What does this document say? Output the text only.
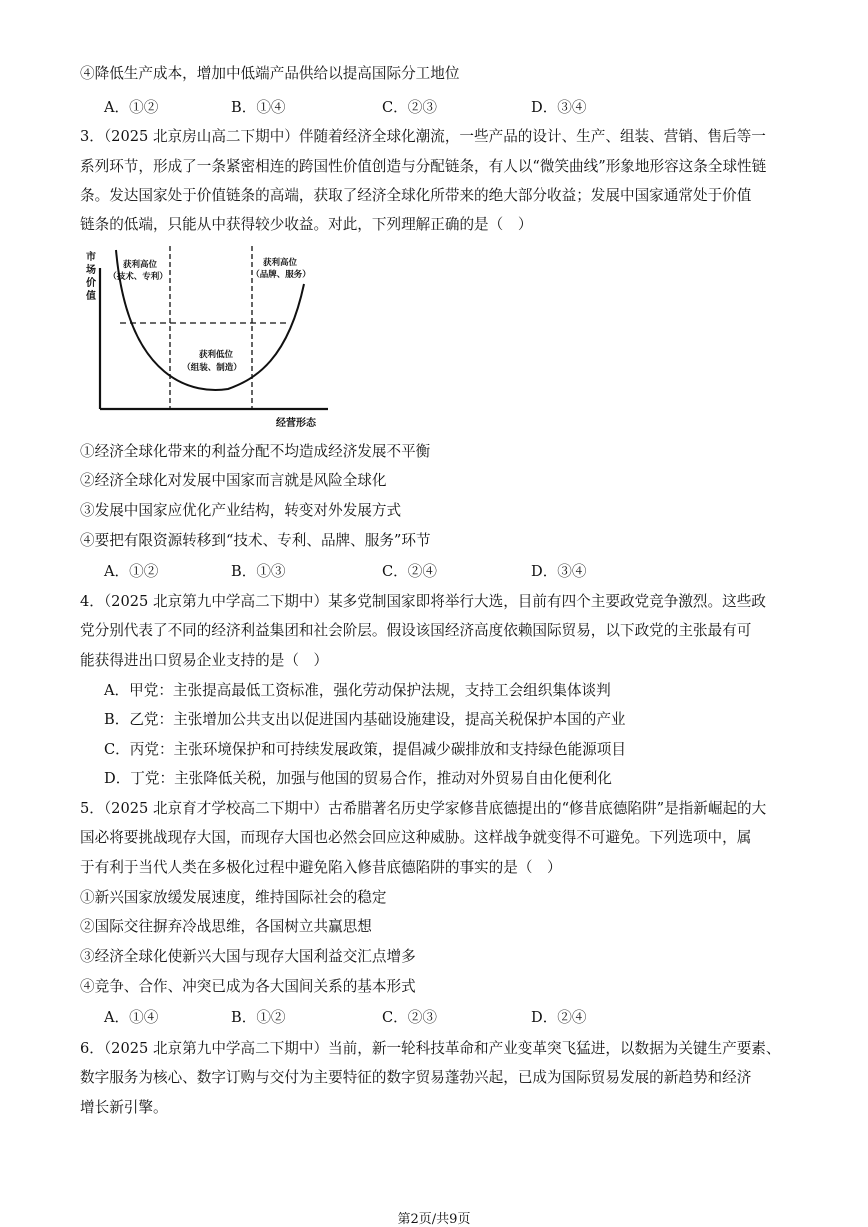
④降低生产成本，增加中低端产品供给以提高国际分工地位
A．①②	B．①④	C．②③	D．③④
3．（2025 北京房山高二下期中）伴随着经济全球化潮流，一些产品的设计、生产、组装、营销、售后等一
系列环节，形成了一条紧密相连的跨国性价值创造与分配链条，有人以“微笑曲线”形象地形容这条全球性链
条。发达国家处于价值链条的高端，获取了经济全球化所带来的绝大部分收益；发展中国家通常处于价值
链条的低端，只能从中获得较少收益。对此，下列理解正确的是（　）
市
场
价
值
获利高位
（技术、专利）
获利高位
（品牌、服务）
获利低位
（组装、制造）
经营形态
①经济全球化带来的利益分配不均造成经济发展不平衡
②经济全球化对发展中国家而言就是风险全球化
③发展中国家应优化产业结构，转变对外发展方式
④要把有限资源转移到“技术、专利、品牌、服务”环节
A．①②	B．①③	C．②④	D．③④
4．（2025 北京第九中学高二下期中）某多党制国家即将举行大选，目前有四个主要政党竞争激烈。这些政
党分别代表了不同的经济利益集团和社会阶层。假设该国经济高度依赖国际贸易，以下政党的主张最有可
能获得进出口贸易企业支持的是（　）
A．甲党：主张提高最低工资标准，强化劳动保护法规，支持工会组织集体谈判
B．乙党：主张增加公共支出以促进国内基础设施建设，提高关税保护本国的产业
C．丙党：主张环境保护和可持续发展政策，提倡减少碳排放和支持绿色能源项目
D．丁党：主张降低关税，加强与他国的贸易合作，推动对外贸易自由化便利化
5．（2025 北京育才学校高二下期中）古希腊著名历史学家修昔底德提出的“修昔底德陷阱”是指新崛起的大
国必将要挑战现存大国，而现存大国也必然会回应这种威胁。这样战争就变得不可避免。下列选项中，属
于有利于当代人类在多极化过程中避免陷入修昔底德陷阱的事实的是（　）
①新兴国家放缓发展速度，维持国际社会的稳定
②国际交往摒弃冷战思维，各国树立共赢思想
③经济全球化使新兴大国与现存大国利益交汇点增多
④竞争、合作、冲突已成为各大国间关系的基本形式
A．①④	B．①②	C．②③	D．②④
6．（2025 北京第九中学高二下期中）当前，新一轮科技革命和产业变革突飞猛进，以数据为关键生产要素、
数字服务为核心、数字订购与交付为主要特征的数字贸易蓬勃兴起，已成为国际贸易发展的新趋势和经济
增长新引擎。
第2页/共9页
